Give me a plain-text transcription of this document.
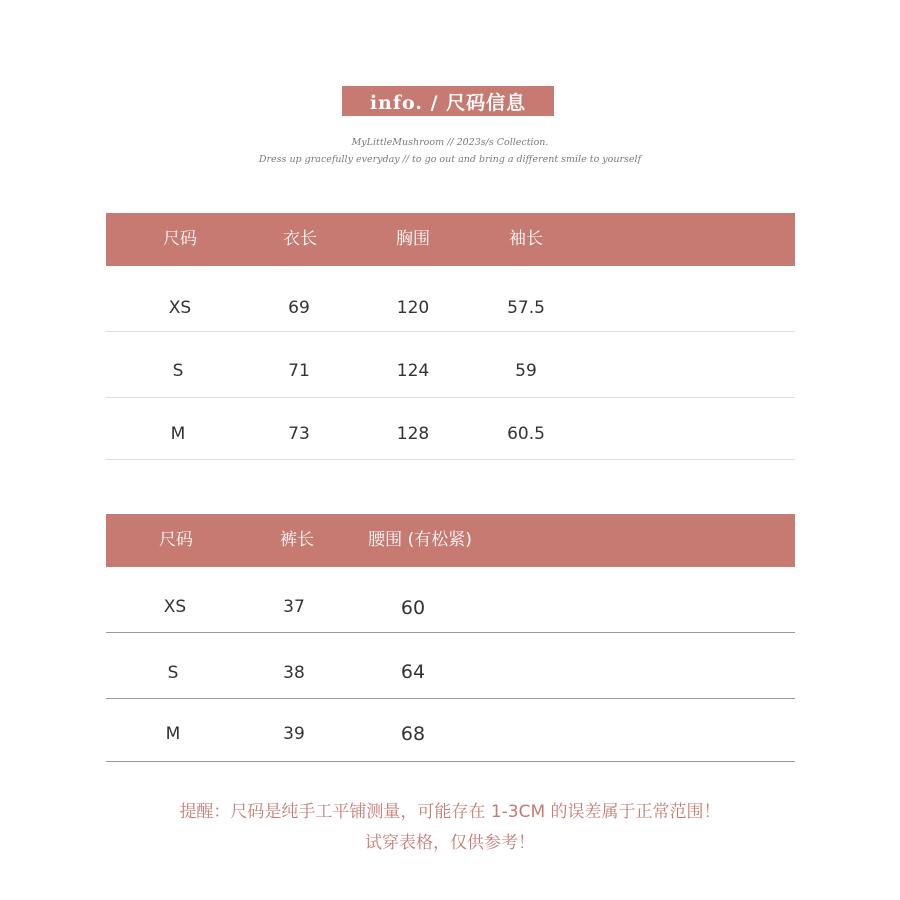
info. / 尺码信息
MyLittleMushroom // 2023s/s Collection.
Dress up gracefully everyday // to go out and bring a different smile to yourself
尺码	衣长	胸围	袖长
XS	69	120	57.5
S	71	124	59
M	73	128	60.5
尺码	裤长	腰围 (有松紧)
XS	37	60
S	38	64
M	39	68
提醒：尺码是纯手工平铺测量，可能存在 1-3CM 的误差属于正常范围！
试穿表格，仅供参考！
